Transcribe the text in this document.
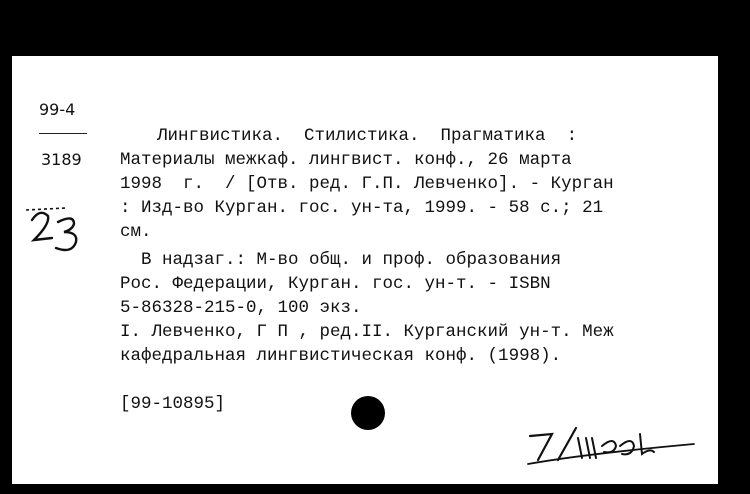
99-4
3189
Лингвистика.  Стилистика.  Прагматика  :
Материалы межкаф. лингвист. конф., 26 марта
1998  г.  / [Отв. ред. Г.П. Левченко]. - Курган
: Изд-во Курган. гос. ун-та, 1999. - 58 с.; 21
см.
В надзаг.: М-во общ. и проф. образования
Рос. Федерации, Курган. гос. ун-т. - ISBN
5-86328-215-0, 100 экз.
I. Левченко, Г П , ред.II. Курганский ун-т. Меж
кафедральная лингвистическая конф. (1998).
[99-10895]
